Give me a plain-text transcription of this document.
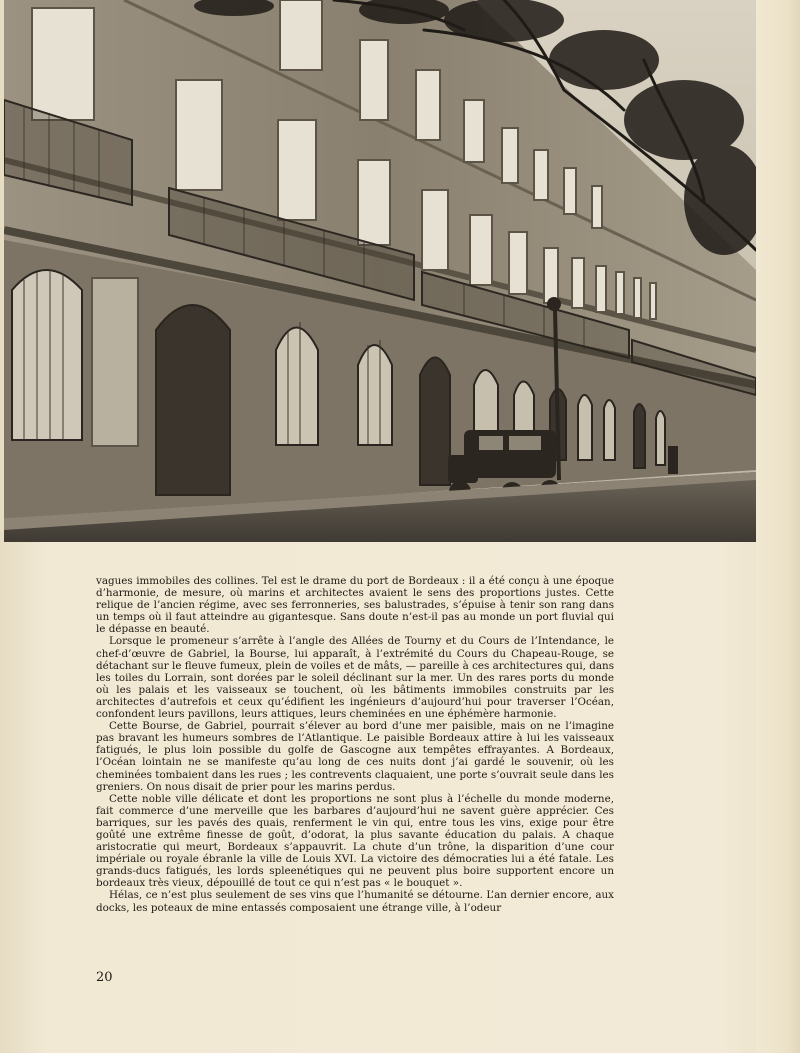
vagues immobiles des collines. Tel est le drame du port de Bordeaux : il a été conçu à une époque d’harmonie, de mesure, où marins et architectes avaient le sens des proportions justes. Cette relique de l’ancien régime, avec ses ferronneries, ses balustrades, s’épuise à tenir son rang dans un temps où il faut atteindre au gigantesque. Sans doute n’est-il pas au monde un port fluvial qui le dépasse en beauté.

Lorsque le promeneur s’arrête à l’angle des Allées de Tourny et du Cours de l’Intendance, le chef-d’œuvre de Gabriel, la Bourse, lui apparaît, à l’extrémité du Cours du Chapeau-Rouge, se détachant sur le fleuve fumeux, plein de voiles et de mâts, — pareille à ces architectures qui, dans les toiles du Lorrain, sont dorées par le soleil déclinant sur la mer. Un des rares ports du monde où les palais et les vaisseaux se touchent, où les bâtiments immobiles construits par les architectes d’autrefois et ceux qu’édifient les ingénieurs d’aujourd’hui pour traverser l’Océan, confondent leurs pavillons, leurs attiques, leurs cheminées en une éphémère harmonie.

Cette Bourse, de Gabriel, pourrait s’élever au bord d’une mer paisible, mais on ne l’imagine pas bravant les humeurs sombres de l’Atlantique. Le paisible Bordeaux attire à lui les vaisseaux fatigués, le plus loin possible du golfe de Gascogne aux tempêtes effrayantes. A Bordeaux, l’Océan lointain ne se manifeste qu’au long de ces nuits dont j’ai gardé le souvenir, où les cheminées tombaient dans les rues ; les contrevents claquaient, une porte s’ouvrait seule dans les greniers. On nous disait de prier pour les marins perdus.

Cette noble ville délicate et dont les proportions ne sont plus à l’échelle du monde moderne, fait commerce d’une merveille que les barbares d’aujourd’hui ne savent guère apprécier. Ces barriques, sur les pavés des quais, renferment le vin qui, entre tous les vins, exige pour être goûté une extrême finesse de goût, d’odorat, la plus savante éducation du palais. A chaque aristocratie qui meurt, Bordeaux s’appauvrit. La chute d’un trône, la disparition d’une cour impériale ou royale ébranle la ville de Louis XVI. La victoire des démocraties lui a été fatale. Les grands-ducs fatigués, les lords spleenétiques qui ne peuvent plus boire supportent encore un bordeaux très vieux, dépouillé de tout ce qui n’est pas « le bouquet ».

Hélas, ce n’est plus seulement de ses vins que l’humanité se détourne. L’an dernier encore, aux docks, les poteaux de mine entassés composaient une étrange ville, à l’odeur

20
